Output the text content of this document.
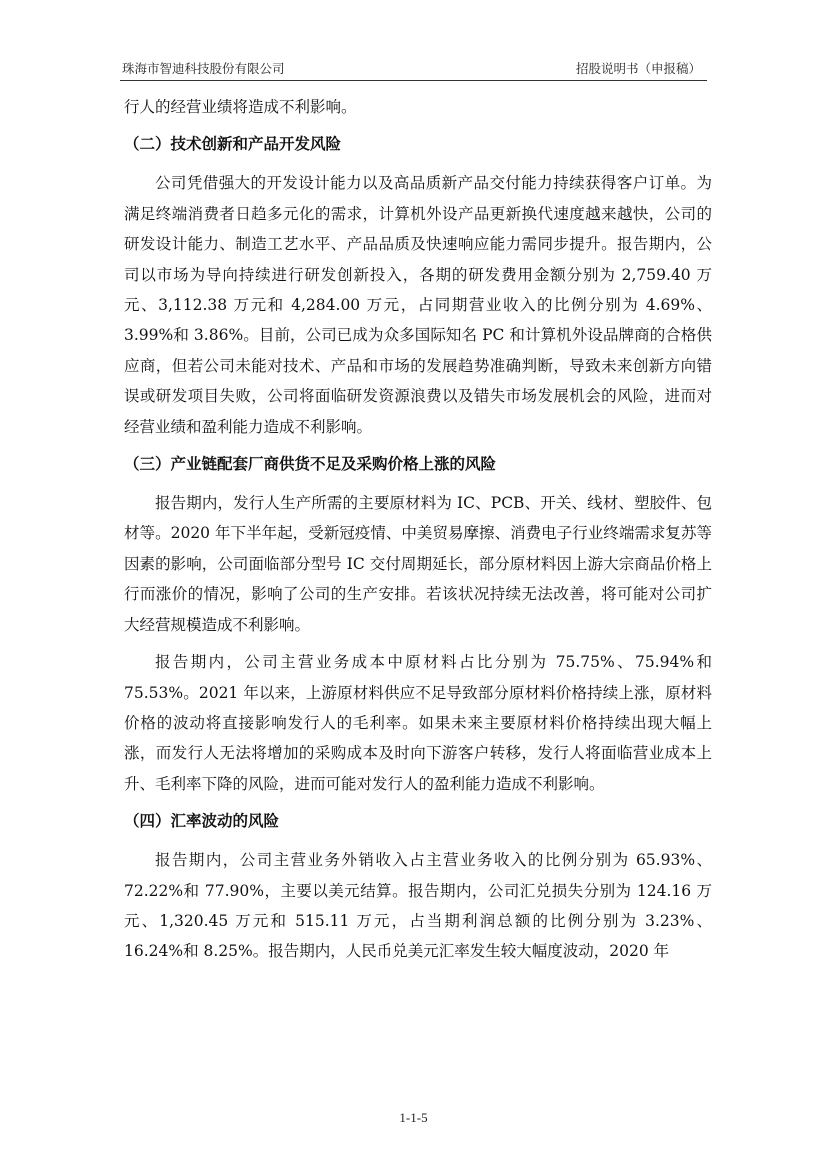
珠海市智迪科技股份有限公司	招股说明书（申报稿）

行人的经营业绩将造成不利影响。

（二）技术创新和产品开发风险

公司凭借强大的开发设计能力以及高品质新产品交付能力持续获得客户订单。为满足终端消费者日趋多元化的需求，计算机外设产品更新换代速度越来越快，公司的研发设计能力、制造工艺水平、产品品质及快速响应能力需同步提升。报告期内，公司以市场为导向持续进行研发创新投入，各期的研发费用金额分别为 2,759.40 万元、3,112.38 万元和 4,284.00 万元，占同期营业收入的比例分别为 4.69%、3.99%和 3.86%。目前，公司已成为众多国际知名 PC 和计算机外设品牌商的合格供应商，但若公司未能对技术、产品和市场的发展趋势准确判断，导致未来创新方向错误或研发项目失败，公司将面临研发资源浪费以及错失市场发展机会的风险，进而对经营业绩和盈利能力造成不利影响。

（三）产业链配套厂商供货不足及采购价格上涨的风险

报告期内，发行人生产所需的主要原材料为 IC、PCB、开关、线材、塑胶件、包材等。2020 年下半年起，受新冠疫情、中美贸易摩擦、消费电子行业终端需求复苏等因素的影响，公司面临部分型号 IC 交付周期延长，部分原材料因上游大宗商品价格上行而涨价的情况，影响了公司的生产安排。若该状况持续无法改善，将可能对公司扩大经营规模造成不利影响。

报告期内，公司主营业务成本中原材料占比分别为 75.75%、75.94%和 75.53%。2021 年以来，上游原材料供应不足导致部分原材料价格持续上涨，原材料价格的波动将直接影响发行人的毛利率。如果未来主要原材料价格持续出现大幅上涨，而发行人无法将增加的采购成本及时向下游客户转移，发行人将面临营业成本上升、毛利率下降的风险，进而可能对发行人的盈利能力造成不利影响。

（四）汇率波动的风险

报告期内，公司主营业务外销收入占主营业务收入的比例分别为 65.93%、72.22%和 77.90%，主要以美元结算。报告期内，公司汇兑损失分别为 124.16 万元、1,320.45 万元和 515.11 万元，占当期利润总额的比例分别为 3.23%、16.24%和 8.25%。报告期内，人民币兑美元汇率发生较大幅度波动，2020 年

1-1-5
